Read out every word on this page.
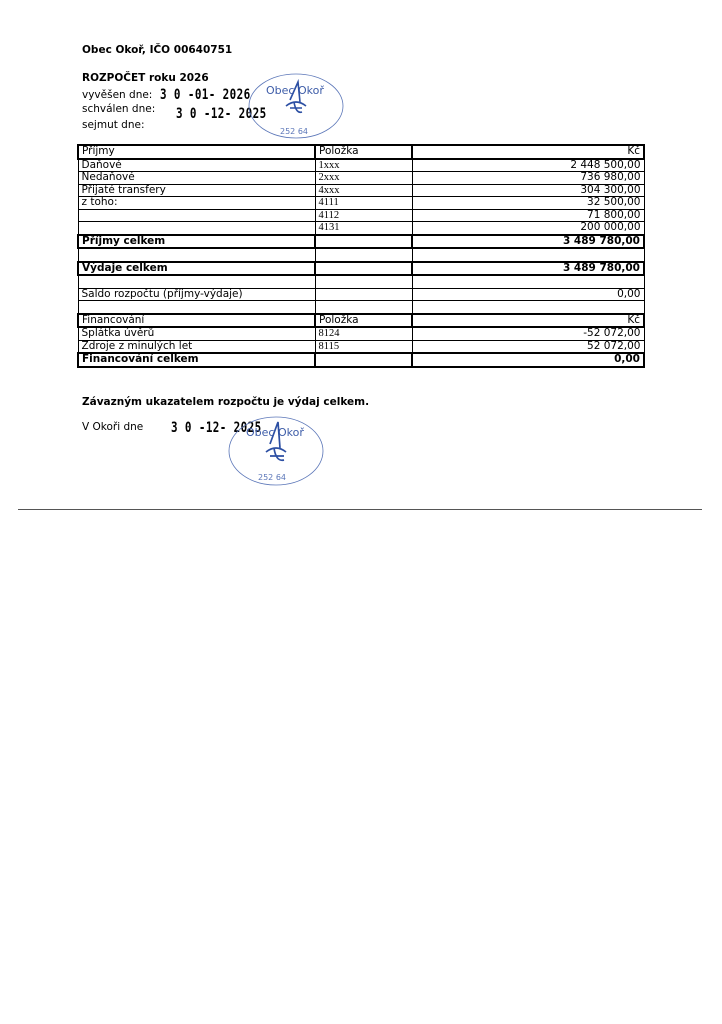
Obec Okoř, IČO 00640751
ROZPOČET roku 2026
vyvěšen dne: 3 0 -01- 2026
schválen dne: 3 0 -12- 2025
sejmut dne:
Obec Okoř
252 64
Příjmy	Položka	Kč
Daňové	1xxx	2 448 500,00
Nedaňové	2xxx	736 980,00
Přijaté transfery	4xxx	304 300,00
z toho:	4111	32 500,00
	4112	71 800,00
	4131	200 000,00
Příjmy celkem		3 489 780,00

Výdaje celkem		3 489 780,00

Saldo rozpočtu (příjmy-výdaje)		0,00

Financování	Položka	Kč
Splátka úvěrů	8124	-52 072,00
Zdroje z minulých let	8115	52 072,00
Financování celkem		0,00
Závazným ukazatelem rozpočtu je výdaj celkem.
V Okoři dne 3 0 -12- 2025
Obec Okoř
252 64
